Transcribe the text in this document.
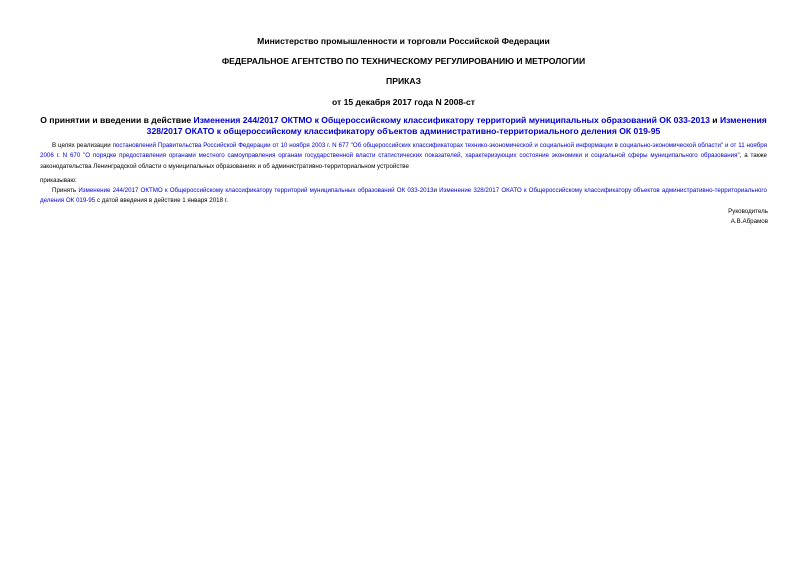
Министерство промышленности и торговли Российской Федерации
ФЕДЕРАЛЬНОЕ АГЕНТСТВО ПО ТЕХНИЧЕСКОМУ РЕГУЛИРОВАНИЮ И МЕТРОЛОГИИ
ПРИКАЗ
от 15 декабря 2017 года N 2008-ст
О принятии и введении в действие Изменения 244/2017 ОКТМО к Общероссийскому классификатору территорий муниципальных образований ОК 033-2013 и Изменения 328/2017 ОКАТО к общероссийскому классификатору объектов административно-территориального деления ОК 019-95
В целях реализации постановлений Правительства Российской Федерации от 10 ноября 2003 г. N 677 "Об общероссийских классификаторах технико-экономической и социальной информации в социально-экономической области" и от 11 ноября 2006 г. N 670 "О порядке предоставления органами местного самоуправления органам государственной власти статистических показателей, характеризующих состояние экономики и социальной сферы муниципального образования", а также законодательства Ленинградской области о муниципальных образованиях и об административно-территориальном устройстве
приказываю:
Принять Изменение 244/2017 ОКТМО к Общероссийскому классификатору территорий муниципальных образований ОК 033-2013и Изменение 328/2017 ОКАТО к Общероссийскому классификатору объектов административно-территориального деления ОК 019-95 с датой введения в действие 1 января 2018 г.
Руководитель
А.В.Абрамов
